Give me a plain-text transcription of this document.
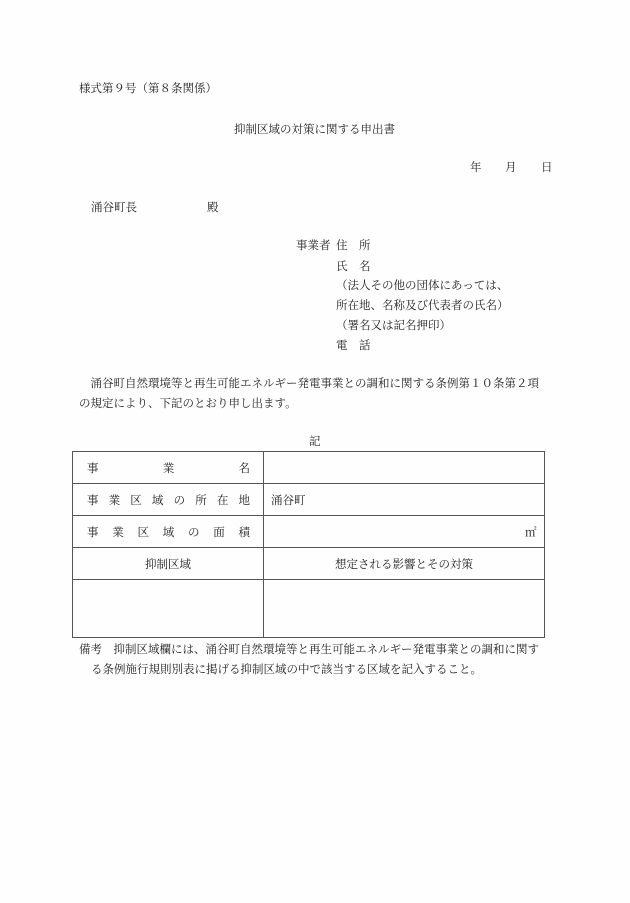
様式第９号（第８条関係）
抑制区域の対策に関する申出書
年 月 日
涌谷町長	殿
事業者 住　所
氏　名
（法人その他の団体にあっては、
所在地、名称及び代表者の氏名）
（署名又は記名押印）
電　話
　涌谷町自然環境等と再生可能エネルギー発電事業との調和に関する条例第１０条第２項
の規定により、下記のとおり申し出ます。
記
事	業	名
事 業 区 域 の 所 在 地 涌谷町
事 業 区 域 の 面 積	㎡
抑制区域	想定される影響とその対策
備考　抑制区域欄には、涌谷町自然環境等と再生可能エネルギー発電事業との調和に関す
る条例施行規則別表に掲げる抑制区域の中で該当する区域を記入すること。
